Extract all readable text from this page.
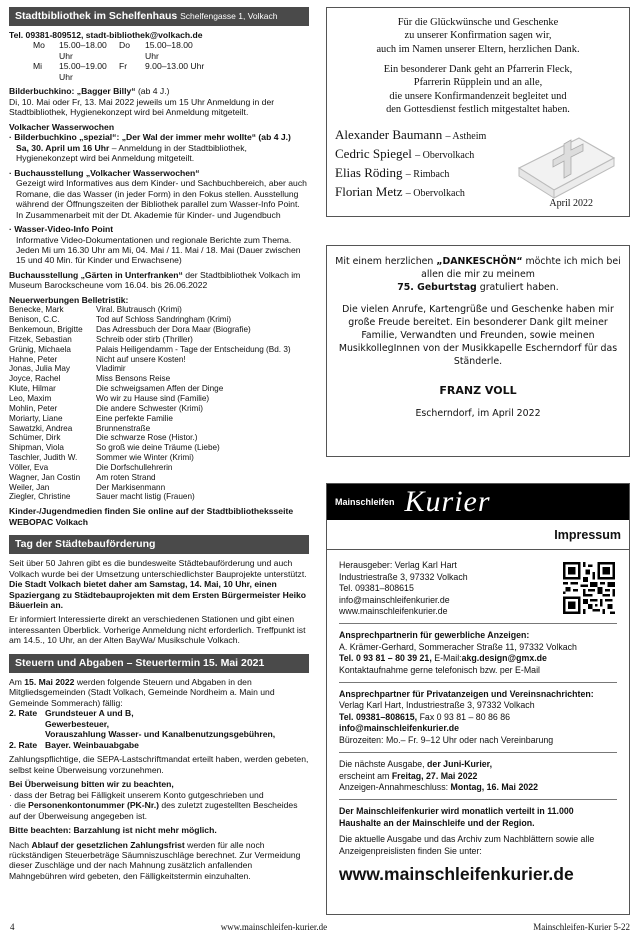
Stadtbibliothek im Schelfenhaus Schelfengasse 1, Volkach

Tel. 09381-809512, stadt-bibliothek@volkach.de

Mo	15.00–18.00 Uhr
Do	15.00–18.00 Uhr
Mi	15.00–19.00 Uhr
Fr	9.00–13.00 Uhr

Bilderbuchkino: „Bagger Billy“ (ab 4 J.)

Di, 10. Mai oder Fr, 13. Mai 2022 jeweils um 15 Uhr Anmeldung in der Stadtbibliothek, Hygienekonzept wird bei Anmeldung mitgeteilt.

Volkacher Wasserwochen

· Bilderbuchkino „spezial“: „Der Wal der immer mehr wollte“ (ab 4 J.)

Sa, 30. April um 16 Uhr – Anmeldung in der Stadtbibliothek, Hygienekonzept wird bei Anmeldung mitgeteilt.

· Buchausstellung „Volkacher Wasserwochen“

Gezeigt wird Informatives aus dem Kinder- und Sachbuchbereich, aber auch Romane, die das Wasser (in jeder Form) in den Fokus stellen. Ausstellung während der Öffnungszeiten der Bibliothek parallel zum Wasser-Info Point. In Zusammenarbeit mit der Dt. Akademie für Kinder- und Jugendbuch

· Wasser-Video-Info Point

Informative Video-Dokumentationen und regionale Berichte zum Thema. Jeden Mi um 16.30 Uhr am Mi, 04. Mai / 11. Mai / 18. Mai (Dauer zwischen 15 und 40 Min. für Kinder und Erwachsene)

Buchausstellung „Gärten in Unterfranken“ der Stadtbibliothek Volkach im Museum Barockscheune vom 16.04. bis 26.06.2022

Neuerwerbungen Belletristik:

Benecke, Mark	Viral. Blutrausch (Krimi)
Benison, C.C.	Tod auf Schloss Sandringham (Krimi)
Benkemoun, Brigitte	Das Adressbuch der Dora Maar (Biografie)
Fitzek, Sebastian	Schreib oder stirb (Thriller)
Grünig, Michaela	Palais Heiligendamm - Tage der Entscheidung (Bd. 3)
Hahne, Peter	Nicht auf unsere Kosten!
Jonas, Julia May	Vladimir
Joyce, Rachel	Miss Bensons Reise
Klute, Hilmar	Die schweigsamen Affen der Dinge
Leo, Maxim	Wo wir zu Hause sind (Familie)
Mohlin, Peter	Die andere Schwester (Krimi)
Moriarty, Liane	Eine perfekte Familie
Sawatzki, Andrea	Brunnenstraße
Schümer, Dirk	Die schwarze Rose (Histor.)
Shipman, Viola	So groß wie deine Träume (Liebe)
Taschler, Judith W.	Sommer wie Winter (Krimi)
Völler, Eva	Die Dorfschullehrerin
Wagner, Jan Costin	Am roten Strand
Weiler, Jan	Der Markisenmann
Ziegler, Christine	Sauer macht listig (Frauen)

Kinder-/Jugendmedien finden Sie online auf der Stadtbibliotheksseite WEBOPAC Volkach

Tag der Städtebauförderung

Seit über 50 Jahren gibt es die bundesweite Städtebauförderung und auch Volkach wurde bei der Umsetzung unterschiedlichster Bauprojekte unterstützt. Die Stadt Volkach bietet daher am Samstag, 14. Mai, 10 Uhr, einen Spaziergang zu Städtebauprojekten mit dem Ersten Bürgermeister Heiko Bäuerlein an.

Er informiert Interessierte direkt an verschiedenen Stationen und gibt einen interessanten Überblick. Vorherige Anmeldung nicht erforderlich. Treffpunkt ist am 14.5., 10 Uhr, an der Alten BayWa/ Musikschule Volkach.

Steuern und Abgaben – Steuertermin 15. Mai 2021

Am 15. Mai 2022 werden folgende Steuern und Abgaben in den Mitgliedsgemeinden (Stadt Volkach, Gemeinde Nordheim a. Main und Gemeinde Sommerach) fällig:

2. Rate Grundsteuer A und B,
Gewerbesteuer,
Vorauszahlung Wasser- und Kanalbenutzungsgebühren,
2. Rate Bayer. Weinbauabgabe

Zahlungspflichtige, die SEPA-Lastschriftmandat erteilt haben, werden gebeten, selbst keine Überweisung vorzunehmen.

Bei Überweisung bitten wir zu beachten,

· dass der Betrag bei Fälligkeit unserem Konto gutgeschrieben und

· die Personenkontonummer (PK-Nr.) des zuletzt zugestellten Bescheides auf der Überweisung angegeben ist.

Bitte beachten: Barzahlung ist nicht mehr möglich.

Nach Ablauf der gesetzlichen Zahlungsfrist werden für alle noch rückständigen Steuerbeträge Säumniszuschläge berechnet. Zur Vermeidung dieser Zuschläge und der nach Mahnung zusätzlich anfallenden Mahngebühren wird gebeten, den Fälligkeitstermin einzuhalten.

Für die Glückwünsche und Geschenke
zu unserer Konfirmation sagen wir,
auch im Namen unserer Eltern, herzlichen Dank.
Ein besonderer Dank geht an Pfarrerin Fleck,
Pfarrerin Rüpplein und an alle,
die unsere Konfirmandenzeit begleitet und
den Gottesdienst festlich mitgestaltet haben.
Alexander Baumann – Astheim
Cedric Spiegel – Obervolkach
Elias Röding – Rimbach
Florian Metz – Obervolkach
April 2022

Mit einem herzlichen „DANKESCHÖN“ möchte ich mich bei allen die mir zu meinem

75. Geburtstag gratuliert haben.

Die vielen Anrufe, Kartengrüße und Geschenke haben mir große Freude bereitet. Ein besonderer Dank gilt meiner Familie, Verwandten und Freunden, sowie meinen MusikkollegInnen von der Musikkapelle Escherndorf für das Ständerle.

FRANZ VOLL

Escherndorf, im April 2022

Mainschleifen Kurier
Impressum
Herausgeber: Verlag Karl Hart
Industriestraße 3, 97332 Volkach
Tel. 09381–808615
info@mainschleifenkurier.de
www.mainschleifenkurier.de
Ansprechpartnerin für gewerbliche Anzeigen:
A. Krämer-Gerhard, Sommeracher Straße 11, 97332 Volkach
Tel. 0 93 81 – 80 39 21, E-Mail:akg.design@gmx.de
Kontaktaufnahme gerne telefonisch bzw. per E-Mail
Ansprechpartner für Privatanzeigen und Vereinsnachrichten:
Verlag Karl Hart, Industriestraße 3, 97332 Volkach
Tel. 09381–808615, Fax 0 93 81 – 80 86 86
info@mainschleifenkurier.de
Bürozeiten: Mo.– Fr. 9–12 Uhr oder nach Vereinbarung
Die nächste Ausgabe, der Juni-Kurier,
erscheint am Freitag, 27. Mai 2022
Anzeigen-Annahmeschluss: Montag, 16. Mai 2022
Der Mainschleifenkurier wird monatlich verteilt in 11.000 Haushalte an der Mainschleife und der Region.
Die aktuelle Ausgabe und das Archiv zum Nachblättern sowie alle Anzeigenpreislisten finden Sie unter:
www.mainschleifenkurier.de
4	www.mainschleifen-kurier.de	Mainschleifen-Kurier 5-22
